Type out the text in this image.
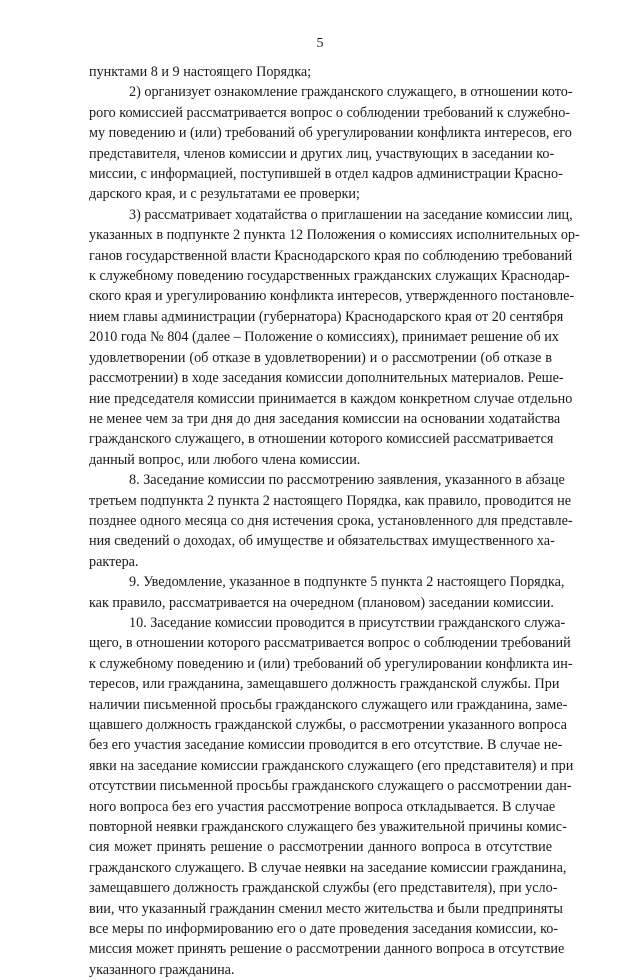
5
пунктами 8 и 9 настоящего Порядка;
2) организует ознакомление гражданского служащего, в отношении кото-
рого комиссией рассматривается вопрос о соблюдении требований к служебно-
му поведению и (или) требований об урегулировании конфликта интересов, его
представителя, членов комиссии и других лиц, участвующих в заседании ко-
миссии, с информацией, поступившей в отдел кадров администрации Красно-
дарского края, и с результатами ее проверки;
3) рассматривает ходатайства о приглашении на заседание комиссии лиц,
указанных в подпункте 2 пункта 12 Положения о комиссиях исполнительных ор-
ганов государственной власти Краснодарского края по соблюдению требований
к служебному поведению государственных гражданских служащих Краснодар-
ского края и урегулированию конфликта интересов, утвержденного постановле-
нием главы администрации (губернатора) Краснодарского края от 20 сентября
2010 года № 804 (далее – Положение о комиссиях), принимает решение об их
удовлетворении (об отказе в удовлетворении) и о рассмотрении (об отказе в
рассмотрении) в ходе заседания комиссии дополнительных материалов. Реше-
ние председателя комиссии принимается в каждом конкретном случае отдельно
не менее чем за три дня до дня заседания комиссии на основании ходатайства
гражданского служащего, в отношении которого комиссией рассматривается
данный вопрос, или любого члена комиссии.
8. Заседание комиссии по рассмотрению заявления, указанного в абзаце
третьем подпункта 2 пункта 2 настоящего Порядка, как правило, проводится не
позднее одного месяца со дня истечения срока, установленного для представле-
ния сведений о доходах, об имуществе и обязательствах имущественного ха-
рактера.
9. Уведомление, указанное в подпункте 5 пункта 2 настоящего Порядка,
как правило, рассматривается на очередном (плановом) заседании комиссии.
10. Заседание комиссии проводится в присутствии гражданского служа-
щего, в отношении которого рассматривается вопрос о соблюдении требований
к служебному поведению и (или) требований об урегулировании конфликта ин-
тересов, или гражданина, замещавшего должность гражданской службы. При
наличии письменной просьбы гражданского служащего или гражданина, заме-
щавшего должность гражданской службы, о рассмотрении указанного вопроса
без его участия заседание комиссии проводится в его отсутствие. В случае не-
явки на заседание комиссии гражданского служащего (его представителя) и при
отсутствии письменной просьбы гражданского служащего о рассмотрении дан-
ного вопроса без его участия рассмотрение вопроса откладывается. В случае
повторной неявки гражданского служащего без уважительной причины комис-
сия может принять решение о рассмотрении данного вопроса в отсутствие
гражданского служащего. В случае неявки на заседание комиссии гражданина,
замещавшего должность гражданской службы (его представителя), при усло-
вии, что указанный гражданин сменил место жительства и были предприняты
все меры по информированию его о дате проведения заседания комиссии, ко-
миссия может принять решение о рассмотрении данного вопроса в отсутствие
указанного гражданина.
